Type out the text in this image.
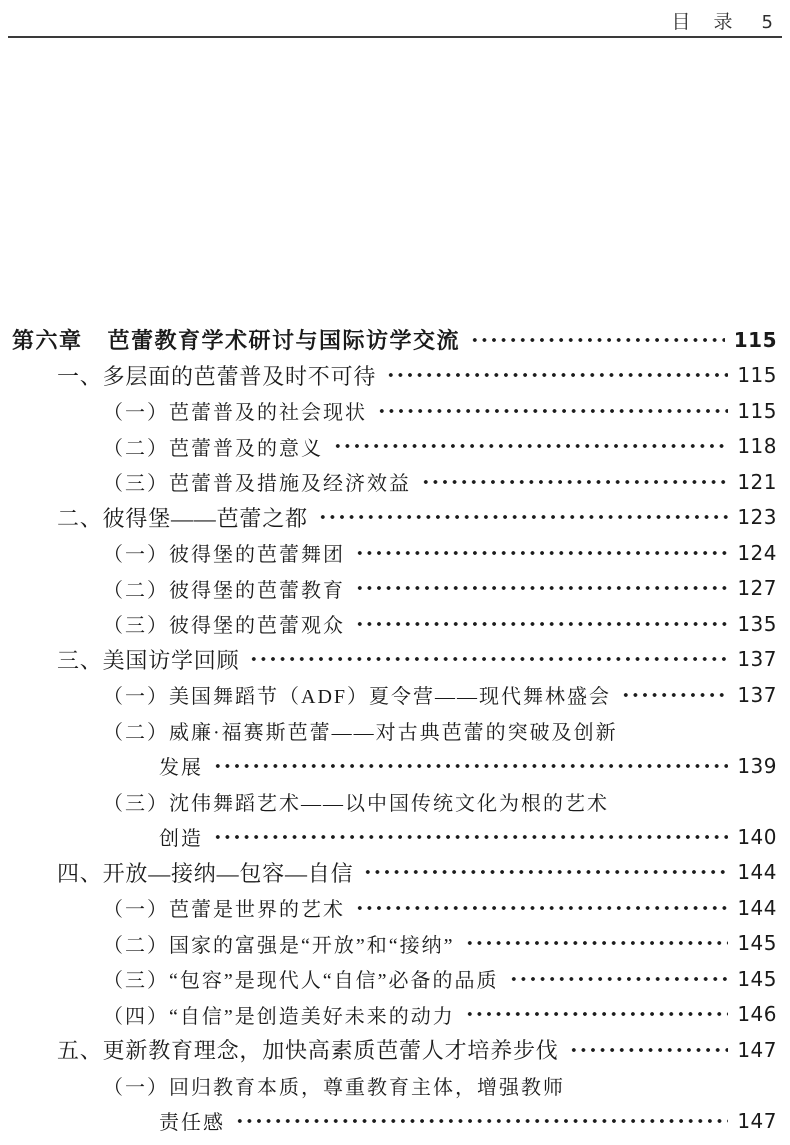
目　录 5
第六章 芭蕾教育学术研讨与国际访学交流	115
一、多层面的芭蕾普及时不可待	115
（一）芭蕾普及的社会现状	115
（二）芭蕾普及的意义	118
（三）芭蕾普及措施及经济效益	121
二、彼得堡——芭蕾之都	123
（一）彼得堡的芭蕾舞团	124
（二）彼得堡的芭蕾教育	127
（三）彼得堡的芭蕾观众	135
三、美国访学回顾	137
（一）美国舞蹈节（ADF）夏令营——现代舞林盛会	137
（二）威廉·福赛斯芭蕾——对古典芭蕾的突破及创新
发展	139
（三）沈伟舞蹈艺术——以中国传统文化为根的艺术
创造	140
四、开放—接纳—包容—自信	144
（一）芭蕾是世界的艺术	144
（二）国家的富强是“开放”和“接纳”	145
（三）“包容”是现代人“自信”必备的品质	145
（四）“自信”是创造美好未来的动力	146
五、更新教育理念，加快高素质芭蕾人才培养步伐	147
（一）回归教育本质，尊重教育主体，增强教师
责任感	147
